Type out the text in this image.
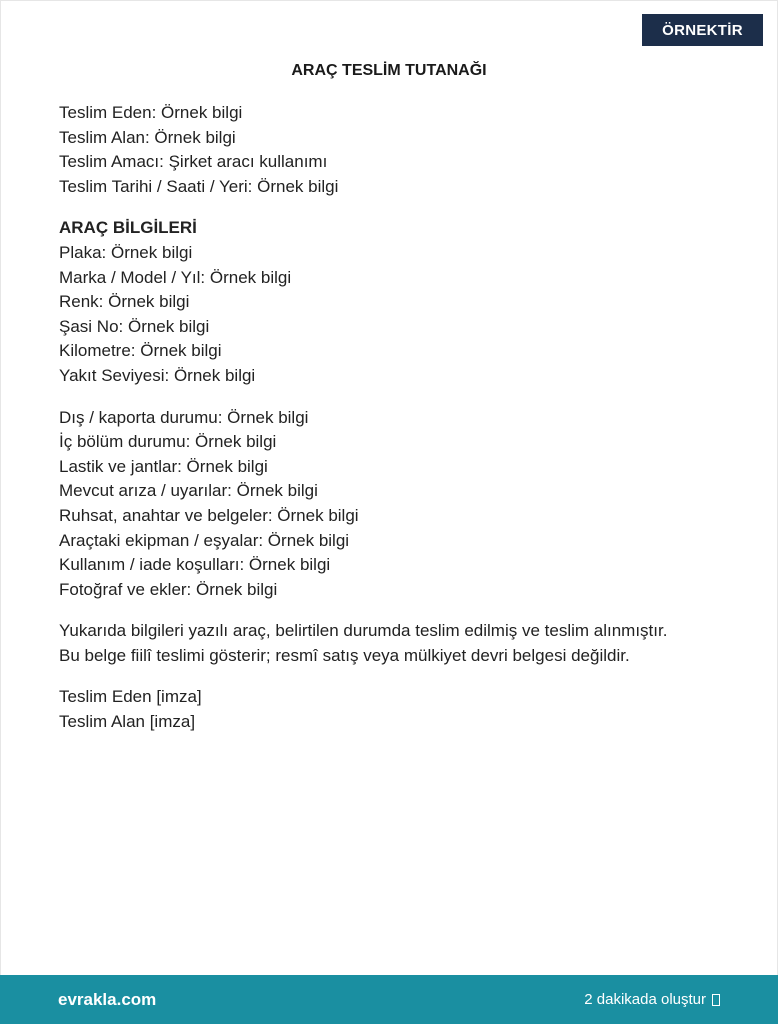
ÖRNEKTİR
ARAÇ TESLİM TUTANAĞI
Teslim Eden: Örnek bilgi
Teslim Alan: Örnek bilgi
Teslim Amacı: Şirket aracı kullanımı
Teslim Tarihi / Saati / Yeri: Örnek bilgi
ARAÇ BİLGİLERİ
Plaka: Örnek bilgi
Marka / Model / Yıl: Örnek bilgi
Renk: Örnek bilgi
Şasi No: Örnek bilgi
Kilometre: Örnek bilgi
Yakıt Seviyesi: Örnek bilgi
Dış / kaporta durumu: Örnek bilgi
İç bölüm durumu: Örnek bilgi
Lastik ve jantlar: Örnek bilgi
Mevcut arıza / uyarılar: Örnek bilgi
Ruhsat, anahtar ve belgeler: Örnek bilgi
Araçtaki ekipman / eşyalar: Örnek bilgi
Kullanım / iade koşulları: Örnek bilgi
Fotoğraf ve ekler: Örnek bilgi
Yukarıda bilgileri yazılı araç, belirtilen durumda teslim edilmiş ve teslim alınmıştır.
Bu belge fiilî teslimi gösterir; resmî satış veya mülkiyet devri belgesi değildir.
Teslim Eden [imza]
Teslim Alan [imza]
evrakla.com	2 dakikada oluştur
